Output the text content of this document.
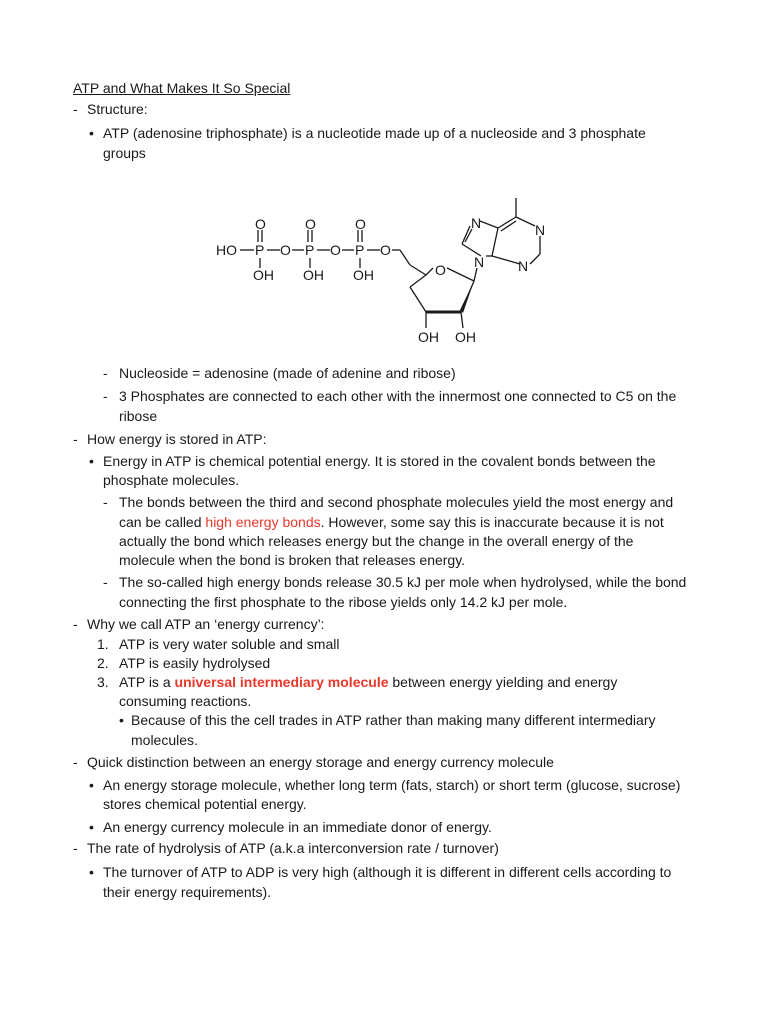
ATP and What Makes It So Special
- Structure:
• ATP (adenosine triphosphate) is a nucleotide made up of a nucleoside and 3 phosphate
groups
HO P	P	P
O	O	O
O	O	O
OH OH OH	O
OH OH
N
N
N
N
- Nucleoside = adenosine (made of adenine and ribose)
- 3 Phosphates are connected to each other with the innermost one connected to C5 on the
ribose
- How energy is stored in ATP:
• Energy in ATP is chemical potential energy. It is stored in the covalent bonds between the
phosphate molecules.
- The bonds between the third and second phosphate molecules yield the most energy and
can be called high energy bonds. However, some say this is inaccurate because it is not
actually the bond which releases energy but the change in the overall energy of the
molecule when the bond is broken that releases energy.
- The so-called high energy bonds release 30.5 kJ per mole when hydrolysed, while the bond
connecting the first phosphate to the ribose yields only 14.2 kJ per mole.
- Why we call ATP an ‘energy currency’:
1. ATP is very water soluble and small
2. ATP is easily hydrolysed
3. ATP is a universal intermediary molecule between energy yielding and energy
consuming reactions.
• Because of this the cell trades in ATP rather than making many different intermediary
molecules.
- Quick distinction between an energy storage and energy currency molecule
• An energy storage molecule, whether long term (fats, starch) or short term (glucose, sucrose)
stores chemical potential energy.
• An energy currency molecule in an immediate donor of energy.
- The rate of hydrolysis of ATP (a.k.a interconversion rate / turnover)
• The turnover of ATP to ADP is very high (although it is different in different cells according to
their energy requirements).
